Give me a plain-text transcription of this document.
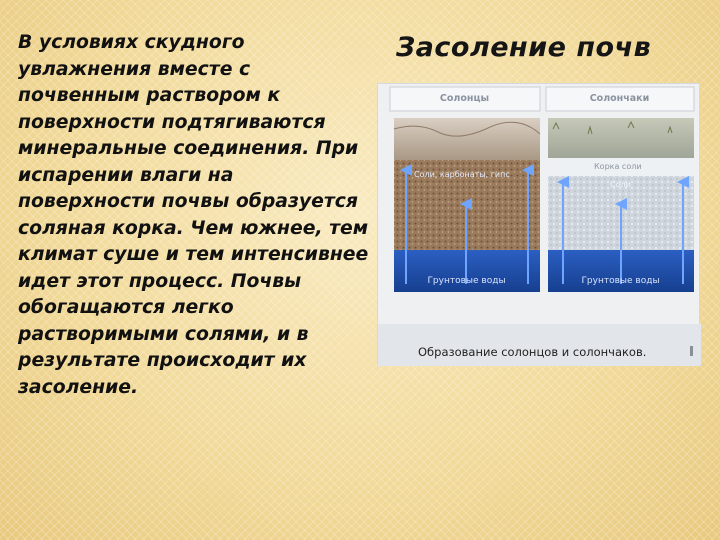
Засоление почв

В условиях скудного увлажнения вместе с почвенным раствором к поверхности подтягиваются минеральные соединения. При испарении влаги на поверхности почвы образуется соляная корка. Чем южнее, тем климат суше и тем интенсивнее идет этот процесс. Почвы обогащаются легко растворимыми солями, и в результате происходит их засоление.

Солонцы	Солончаки
Соли, карбонаты, гипс
Корка соли
Соли
Грунтовые воды	Грунтовые воды
Образование солонцов и солончаков.
